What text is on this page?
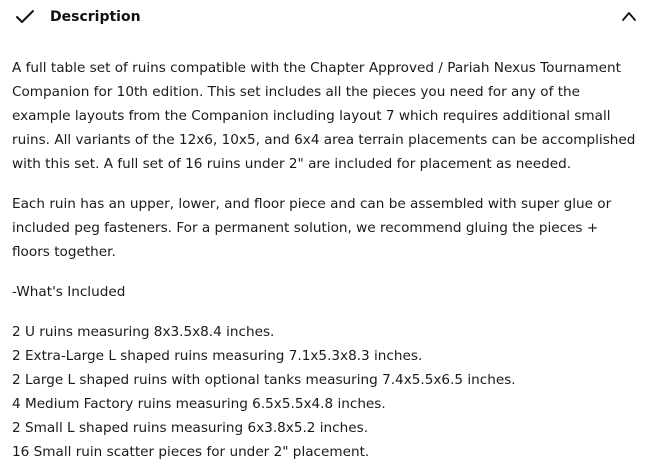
Description

A full table set of ruins compatible with the Chapter Approved / Pariah Nexus Tournament
Companion for 10th edition. This set includes all the pieces you need for any of the
example layouts from the Companion including layout 7 which requires additional small
ruins. All variants of the 12x6, 10x5, and 6x4 area terrain placements can be accomplished
with this set. A full set of 16 ruins under 2" are included for placement as needed.

Each ruin has an upper, lower, and floor piece and can be assembled with super glue or
included peg fasteners. For a permanent solution, we recommend gluing the pieces +
floors together.

-What's Included

2 U ruins measuring 8x3.5x8.4 inches.
2 Extra-Large L shaped ruins measuring 7.1x5.3x8.3 inches.
2 Large L shaped ruins with optional tanks measuring 7.4x5.5x6.5 inches.
4 Medium Factory ruins measuring 6.5x5.5x4.8 inches.
2 Small L shaped ruins measuring 6x3.8x5.2 inches.
16 Small ruin scatter pieces for under 2" placement.
